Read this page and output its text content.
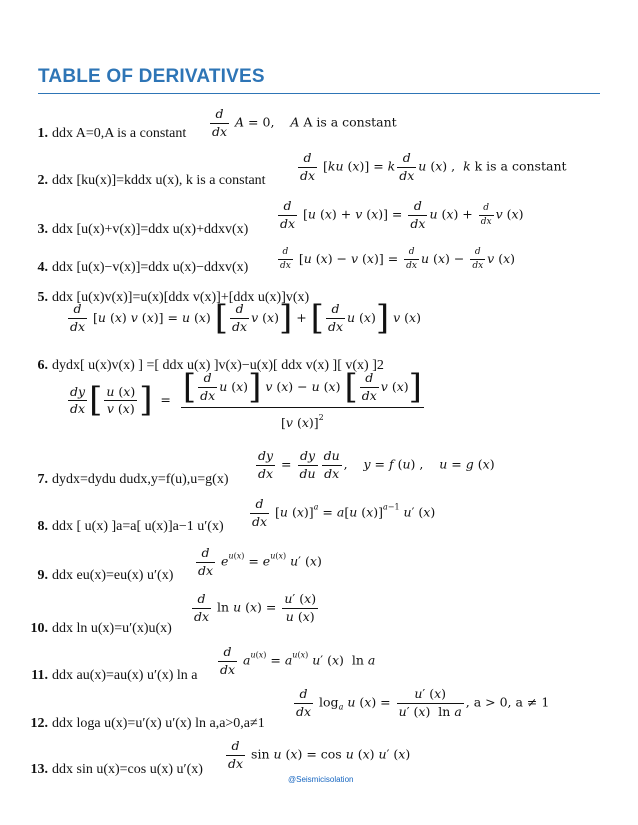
TABLE OF DERIVATIVES
1. ddx A=0,A is a constant $\frac{d}{dx}$ A = 0,    A A is a constant
2. ddx [ku(x)]=kddx u(x), k is a constant	$\frac{d}{dx} [ku$ (x)] = k $\frac{d}{dx}$ u (x) ,  k k is a constant
3. ddx [u(x)+v(x)]=ddx u(x)+ddxv(x) $\frac{d}{dx} [u$ (x) + v $(x)] = \frac{d}{dx}$ u $(x) + \frac{d}{dx}$ v (x)
4. ddx [u(x)−v(x)]=ddx u(x)−ddxv(x)	$\frac{d}{dx} [u$ (x) − v $(x)] = \frac{d}{dx}$ u $(x) - \frac{d}{dx}$ v (x)
5. ddx [u(x)v(x)]=u(x)[ddx v(x)]+[ddx u(x)]v(x)
$\frac{d}{dx} [u$ (x) v (x)] = u (x) [ $\frac{d}{dx}$ v (x)] + [ $\frac{d}{dx}$ u (x)] v (x)
6. dydx[ u(x)v(x) ] =[ ddx u(x) ]v(x)−u(x)[ ddx v(x) ][ v(x) ]2
$\frac{dy}{dx}$ [ $\frac{u (x)}{v (x)}$ ]  = $\frac{[ \frac{d}{dx} u (x)] v (x) - u (x) [ \frac{d}{dx} v (x)]}{[v (x)]^2}$
7. dydx=dydu dudx,y=f(u),u=g(x) $\frac{dy}{dx} = \frac{dy}{du} \frac{du}{dx}$ ,    y = f (u) ,    u = g (x)
8. ddx [ u(x) ]a=a[ u(x)]a−1 $u'(x) \frac{d}{dx} [u$ (x)]$^a$ = a[u (x)]$^{a-1}$ u′ (x)
9. ddx eu(x)=eu(x) $u'(x) \frac{d}{dx} e^{u(x)} = e^{u(x)}$ u′ (x)
10. ddx ln u(x)=u′(x)u(x)
$\frac{d}{dx}$ ln u $(x) = \frac{u' (x)}{u (x)}$
11. ddx au(x)=au(x) u′(x) ln a $\frac{d}{dx} a^{u(x)} = a^{u(x)}$ u′ (x)  ln a
12. ddx loga u(x)=u′(x) u′(x) ln a,a>0,a≠1
$\frac{d}{dx} \log_a u$ $(x) = \frac{u' (x)}{\text{u′ (x)  ln a}}$ , a > 0, a ≠ 1
13. ddx sin u(x)=cos u(x) $u'(x) \frac{d}{dx}$ sin u (x) = cos u (x) u′ (x)
@Seismicisolation
